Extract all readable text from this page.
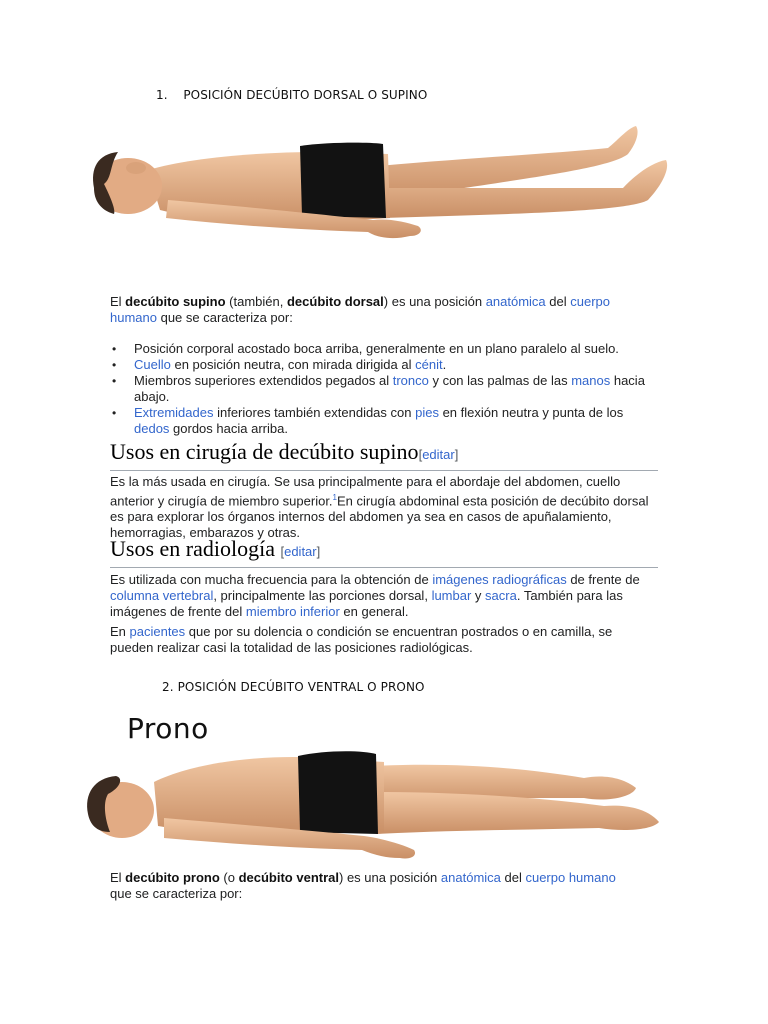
1. POSICIÓN DECÚBITO DORSAL O SUPINO
El decúbito supino (también, decúbito dorsal) es una posición anatómica del cuerpo humano que se caracteriza por:
• Posición corporal acostado boca arriba, generalmente en un plano paralelo al suelo.
• Cuello en posición neutra, con mirada dirigida al cénit.
• Miembros superiores extendidos pegados al tronco y con las palmas de las manos hacia abajo.
• Extremidades inferiores también extendidas con pies en flexión neutra y punta de los dedos gordos hacia arriba.
Usos en cirugía de decúbito supino[editar]
Es la más usada en cirugía. Se usa principalmente para el abordaje del abdomen, cuello anterior y cirugía de miembro superior.$^1$En cirugía abdominal esta posición de decúbito dorsal es para explorar los órganos internos del abdomen ya sea en casos de apuñalamiento, hemorragias, embarazos y otras.
Usos en radiología [editar]
Es utilizada con mucha frecuencia para la obtención de imágenes radiográficas de frente de columna vertebral, principalmente las porciones dorsal, lumbar y sacra. También para las imágenes de frente del miembro inferior en general.
En pacientes que por su dolencia o condición se encuentran postrados o en camilla, se pueden realizar casi la totalidad de las posiciones radiológicas.
2. POSICIÓN DECÚBITO VENTRAL O PRONO
Prono
El decúbito prono (o decúbito ventral) es una posición anatómica del cuerpo humano que se caracteriza por:
